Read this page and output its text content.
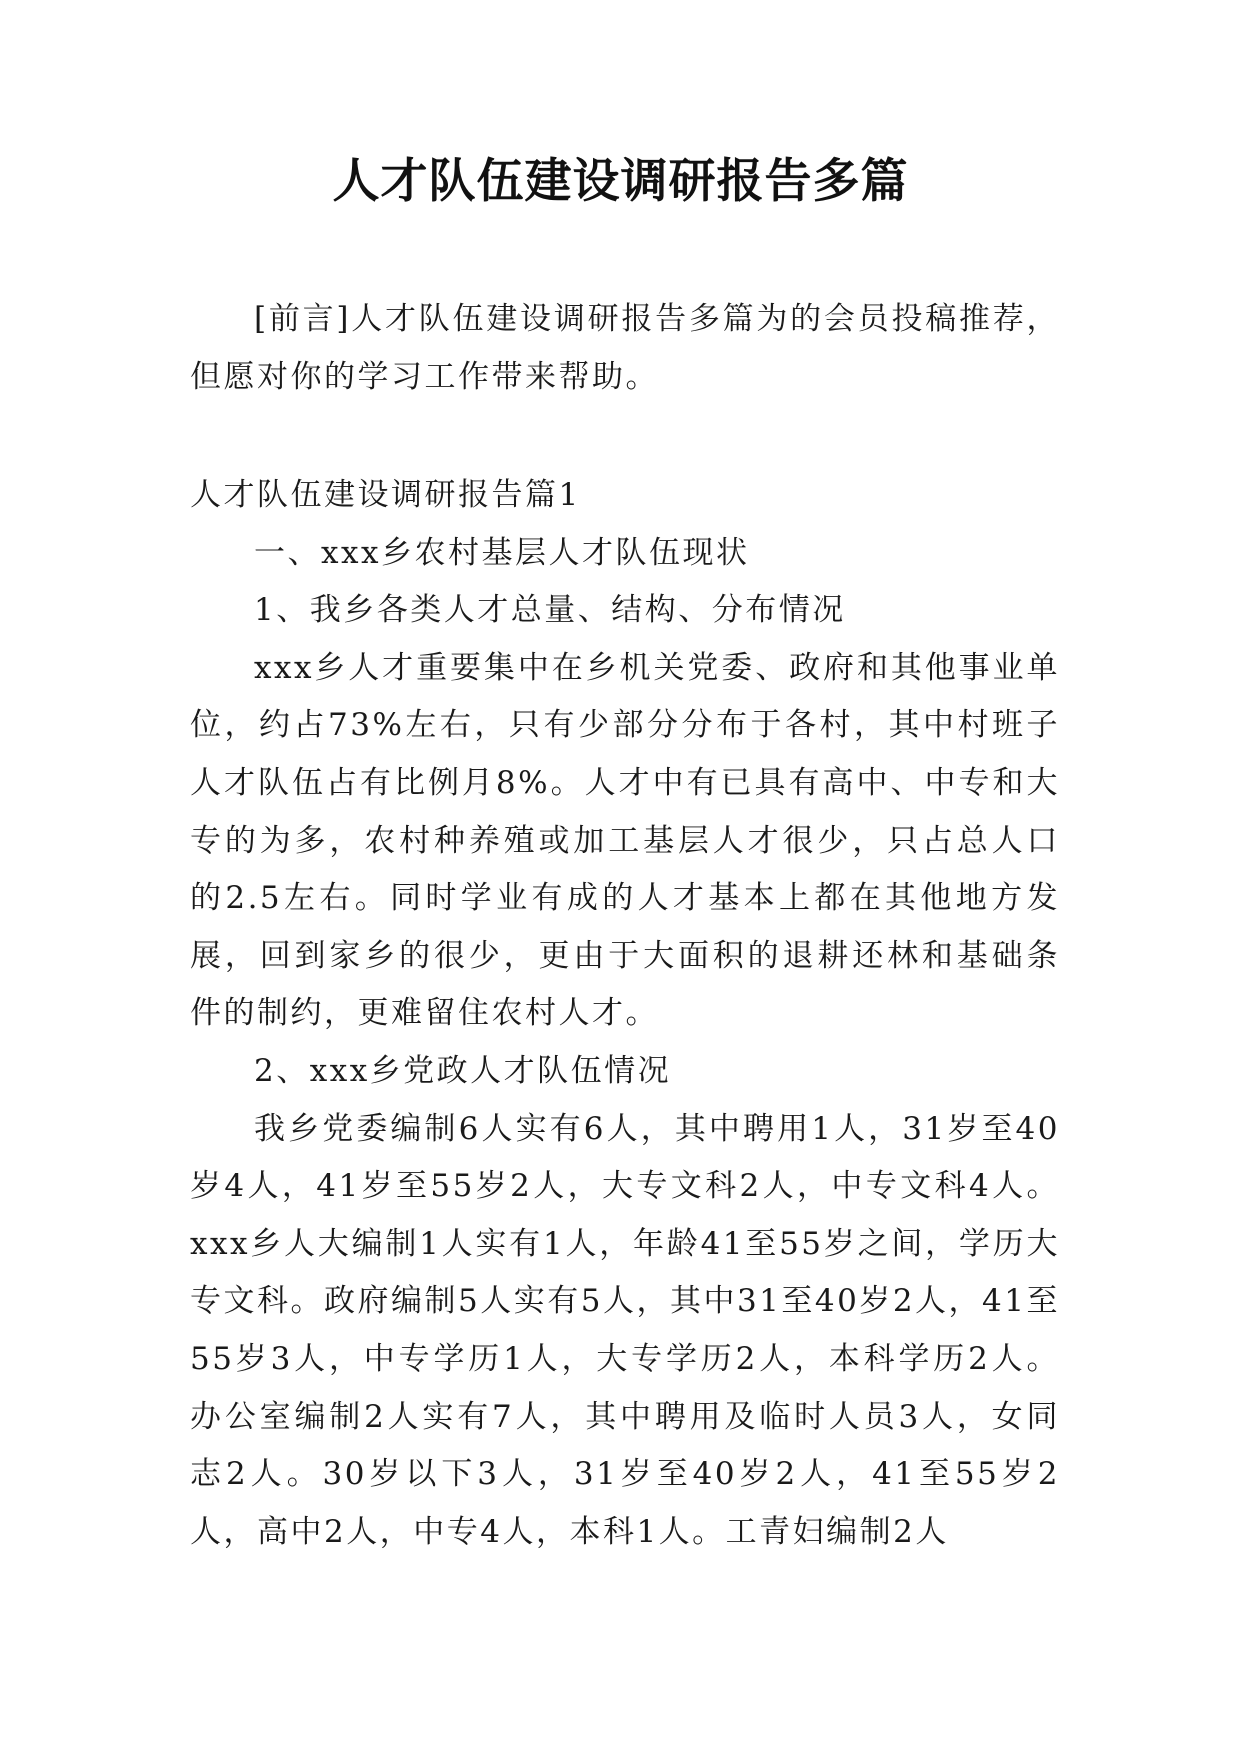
人才队伍建设调研报告多篇

[前言]人才队伍建设调研报告多篇为的会员投稿推荐，但愿对你的学习工作带来帮助。

人才队伍建设调研报告篇1

一、xxx乡农村基层人才队伍现状

1、我乡各类人才总量、结构、分布情况

xxx乡人才重要集中在乡机关党委、政府和其他事业单位，约占73%左右，只有少部分分布于各村，其中村班子人才队伍占有比例月8%。人才中有已具有高中、中专和大专的为多，农村种养殖或加工基层人才很少，只占总人口的2.5左右。同时学业有成的人才基本上都在其他地方发展，回到家乡的很少，更由于大面积的退耕还林和基础条件的制约，更难留住农村人才。

2、xxx乡党政人才队伍情况

我乡党委编制6人实有6人，其中聘用1人，31岁至40岁4人，41岁至55岁2人，大专文科2人，中专文科4人。xxx乡人大编制1人实有1人，年龄41至55岁之间，学历大专文科。政府编制5人实有5人，其中31至40岁2人，41至55岁3人，中专学历1人，大专学历2人，本科学历2人。办公室编制2人实有7人，其中聘用及临时人员3人，女同志2人。30岁以下3人，31岁至40岁2人，41至55岁2人，高中2人，中专4人，本科1人。工青妇编制2人
